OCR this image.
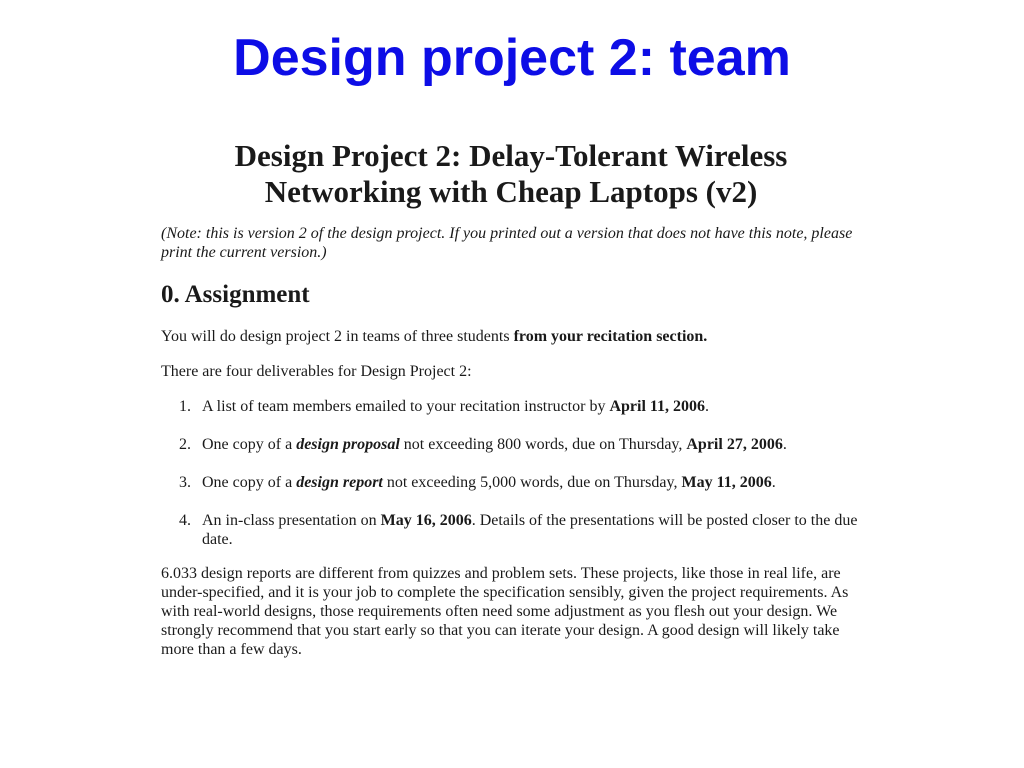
Design project 2: team
Design Project 2: Delay-Tolerant Wireless
Networking with Cheap Laptops (v2)

(Note: this is version 2 of the design project. If you printed out a version that does not have this note, please print the current version.)

0. Assignment

You will do design project 2 in teams of three students from your recitation section.

There are four deliverables for Design Project 2:

1. A list of team members emailed to your recitation instructor by April 11, 2006.
2. One copy of a design proposal not exceeding 800 words, due on Thursday, April 27, 2006.
3. One copy of a design report not exceeding 5,000 words, due on Thursday, May 11, 2006.
4. An in-class presentation on May 16, 2006. Details of the presentations will be posted closer to the due date.

6.033 design reports are different from quizzes and problem sets. These projects, like those in real life, are under-specified, and it is your job to complete the specification sensibly, given the project requirements. As with real-world designs, those requirements often need some adjustment as you flesh out your design. We strongly recommend that you start early so that you can iterate your design. A good design will likely take more than a few days.
